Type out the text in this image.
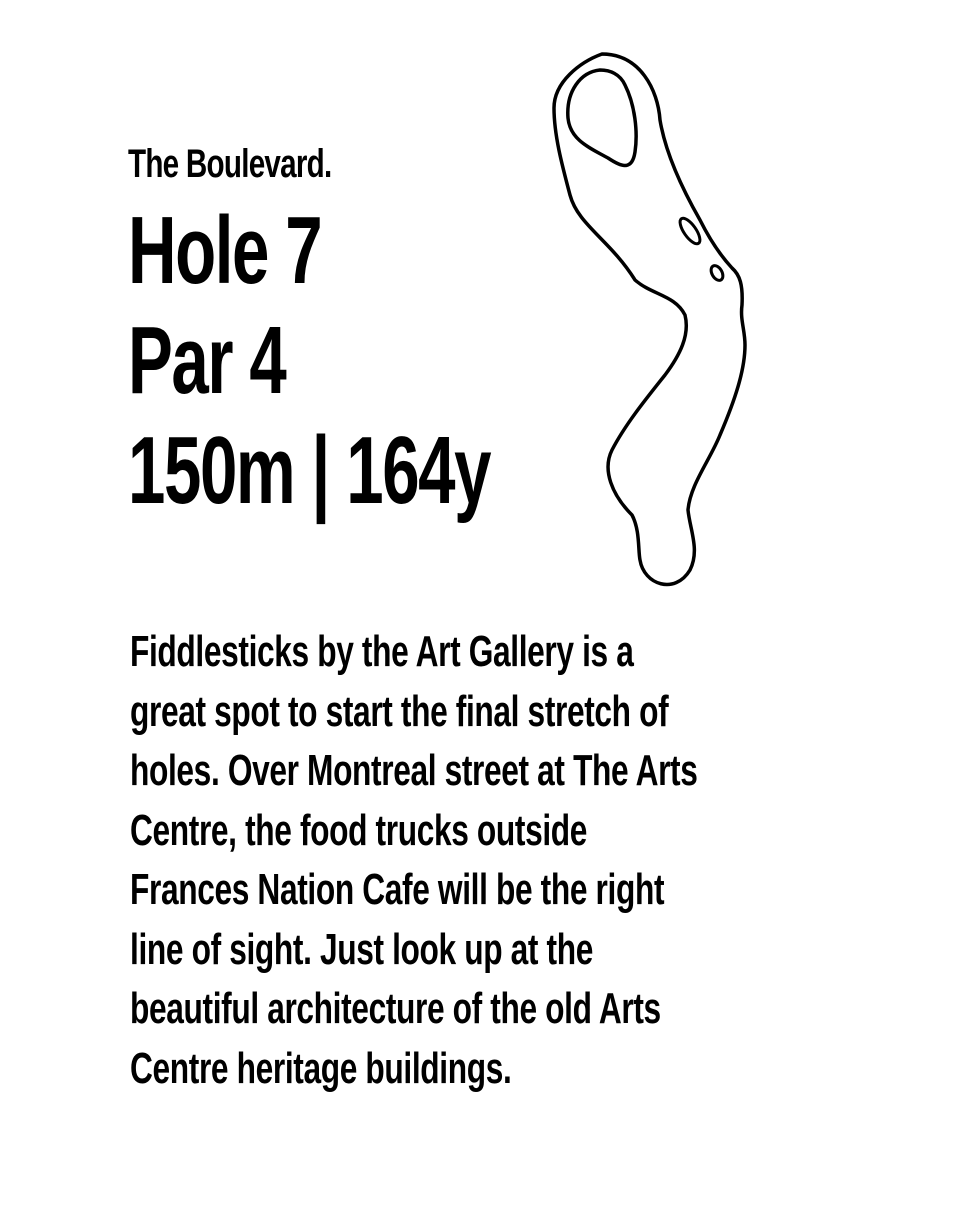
The Boulevard.
Hole 7
Par 4
150m | 164y
Fiddlesticks by the Art Gallery is a
great spot to start the final stretch of
holes. Over Montreal street at The Arts
Centre, the food trucks outside
Frances Nation Cafe will be the right
line of sight. Just look up at the
beautiful architecture of the old Arts
Centre heritage buildings.
